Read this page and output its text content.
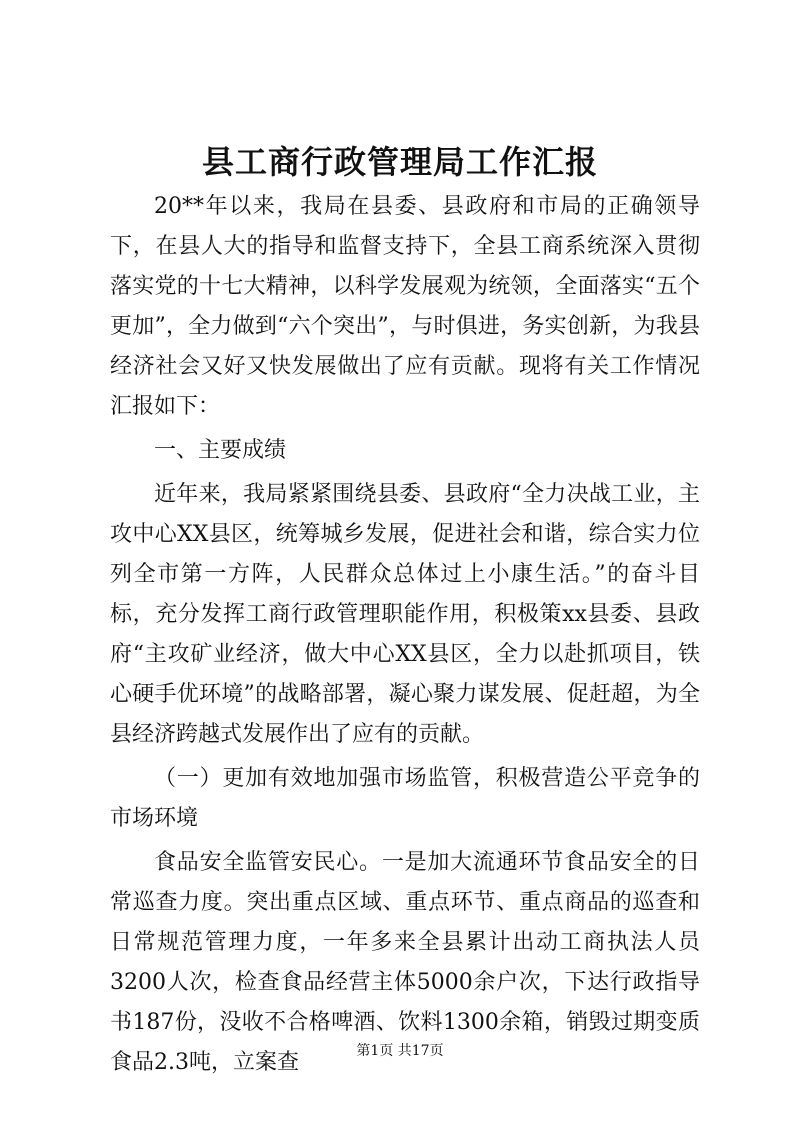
县工商行政管理局工作汇报

20**年以来，我局在县委、县政府和市局的正确领导下，在县人大的指导和监督支持下，全县工商系统深入贯彻落实党的十七大精神，以科学发展观为统领，全面落实“五个更加”，全力做到“六个突出”，与时俱进，务实创新，为我县经济社会又好又快发展做出了应有贡献。现将有关工作情况汇报如下：

一、主要成绩

近年来，我局紧紧围绕县委、县政府“全力决战工业，主攻中心XX县区，统筹城乡发展，促进社会和谐，综合实力位列全市第一方阵，人民群众总体过上小康生活。”的奋斗目标，充分发挥工商行政管理职能作用，积极策xx县委、县政府“主攻矿业经济，做大中心XX县区，全力以赴抓项目，铁心硬手优环境”的战略部署，凝心聚力谋发展、促赶超，为全县经济跨越式发展作出了应有的贡献。

（一）更加有效地加强市场监管，积极营造公平竞争的市场环境

食品安全监管安民心。一是加大流通环节食品安全的日常巡查力度。突出重点区域、重点环节、重点商品的巡查和日常规范管理力度，一年多来全县累计出动工商执法人员3200人次，检查食品经营主体5000余户次，下达行政指导书187份，没收不合格啤酒、饮料1300余箱，销毁过期变质食品2.3吨，立案查	第1页 共17页
